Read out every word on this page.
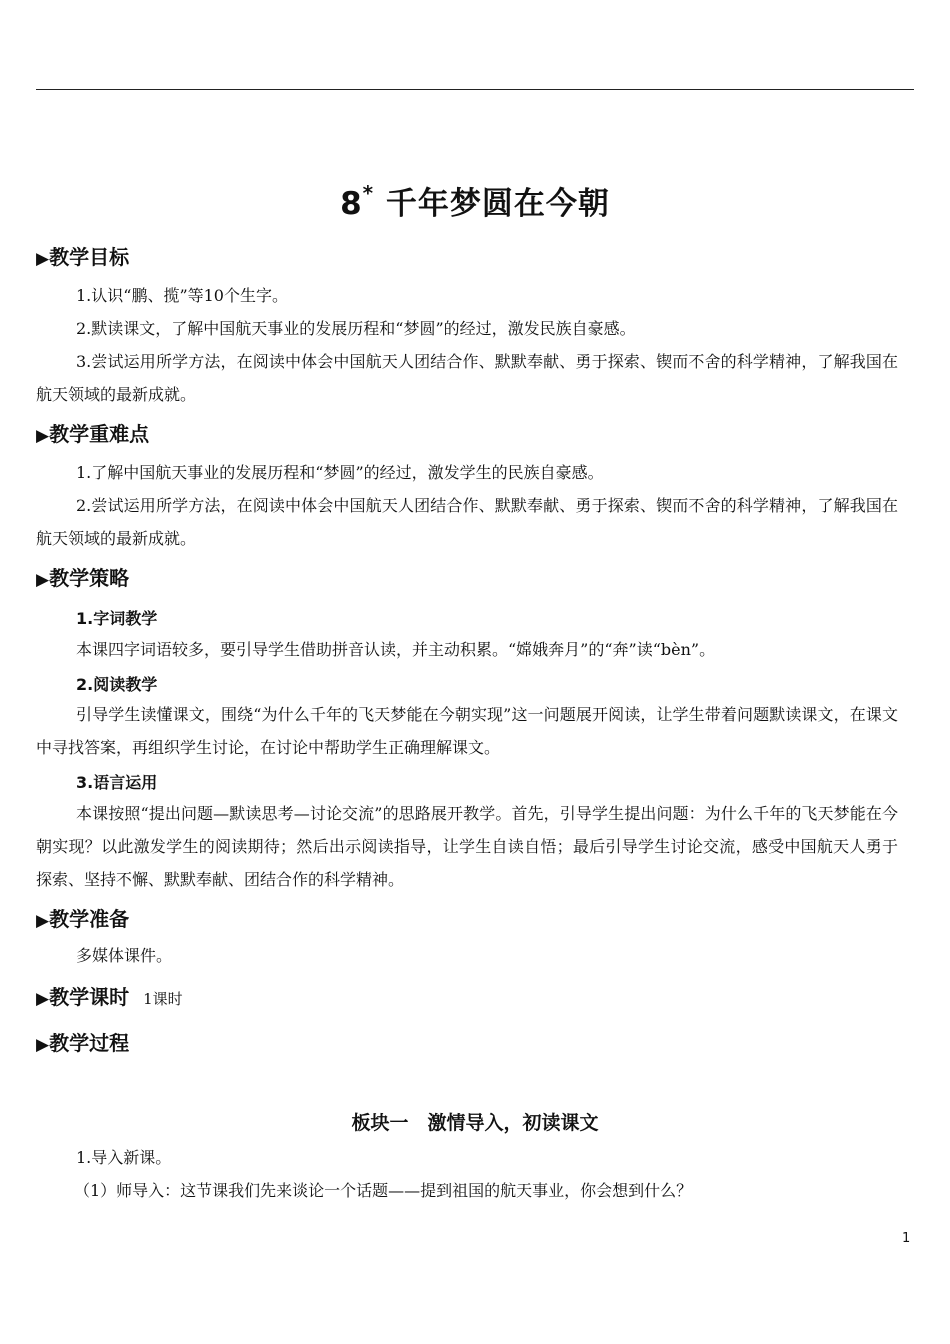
8* 千年梦圆在今朝
▶教学目标
1.认识“鹏、揽”等10个生字。
2.默读课文，了解中国航天事业的发展历程和“梦圆”的经过，激发民族自豪感。
3.尝试运用所学方法，在阅读中体会中国航天人团结合作、默默奉献、勇于探索、锲而不舍的科学精神，了解我国在航天领域的最新成就。
▶教学重难点
1.了解中国航天事业的发展历程和“梦圆”的经过，激发学生的民族自豪感。
2.尝试运用所学方法，在阅读中体会中国航天人团结合作、默默奉献、勇于探索、锲而不舍的科学精神，了解我国在航天领域的最新成就。
▶教学策略
1.字词教学
本课四字词语较多，要引导学生借助拼音认读，并主动积累。“嫦娥奔月”的“奔”读“bèn”。
2.阅读教学
引导学生读懂课文，围绕“为什么千年的飞天梦能在今朝实现”这一问题展开阅读，让学生带着问题默读课文，在课文中寻找答案，再组织学生讨论，在讨论中帮助学生正确理解课文。
3.语言运用
本课按照“提出问题—默读思考—讨论交流”的思路展开教学。首先，引导学生提出问题：为什么千年的飞天梦能在今朝实现？以此激发学生的阅读期待；然后出示阅读指导，让学生自读自悟；最后引导学生讨论交流，感受中国航天人勇于探索、坚持不懈、默默奉献、团结合作的科学精神。
▶教学准备
多媒体课件。
▶教学课时 1课时
▶教学过程
板块一　激情导入，初读课文
1.导入新课。
（1）师导入：这节课我们先来谈论一个话题——提到祖国的航天事业，你会想到什么？
1
